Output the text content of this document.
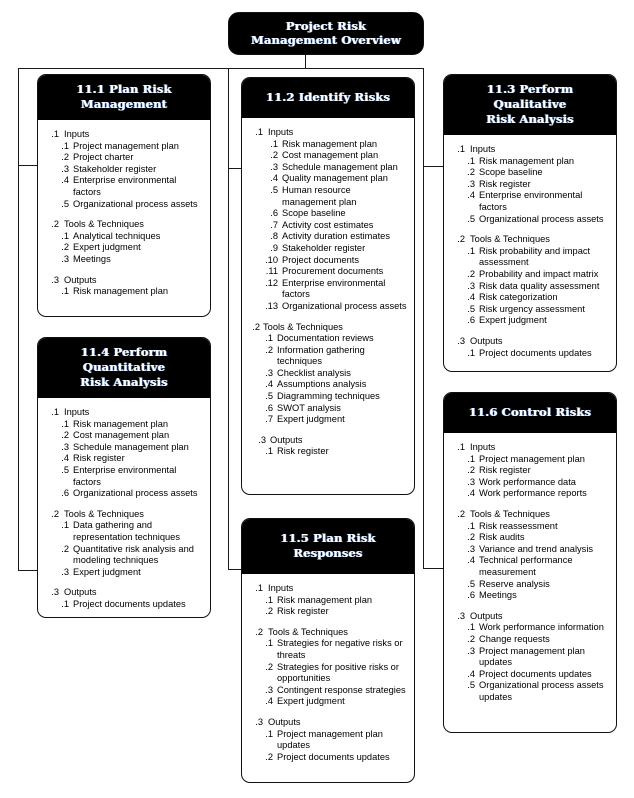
Project Risk
Management Overview
11.1 Plan Risk
Management
.1 Inputs
.1 Project management plan
.2 Project charter
.3 Stakeholder register
.4 Enterprise environmental factors
.5 Organizational process assets
.2 Tools & Techniques
.1 Analytical techniques
.2 Expert judgment
.3 Meetings
.3 Outputs
.1 Risk management plan
11.2 Identify Risks
.1 Inputs
.1 Risk management plan
.2 Cost management plan
.3 Schedule management plan
.4 Quality management plan
.5 Human resource management plan
.6 Scope baseline
.7 Activity cost estimates
.8 Activity duration estimates
.9 Stakeholder register
.10 Project documents
.11 Procurement documents
.12 Enterprise environmental factors
.13 Organizational process assets
.2 Tools & Techniques
.1 Documentation reviews
.2 Information gathering techniques
.3 Checklist analysis
.4 Assumptions analysis
.5 Diagramming techniques
.6 SWOT analysis
.7 Expert judgment
.3 Outputs
.1 Risk register
11.3 Perform Qualitative
Risk Analysis
.1 Inputs
.1 Risk management plan
.2 Scope baseline
.3 Risk register
.4 Enterprise environmental factors
.5 Organizational process assets
.2 Tools & Techniques
.1 Risk probability and impact assessment
.2 Probability and impact matrix
.3 Risk data quality assessment
.4 Risk categorization
.5 Risk urgency assessment
.6 Expert judgment
.3 Outputs
.1 Project documents updates
11.4 Perform Quantitative
Risk Analysis
.1 Inputs
.1 Risk management plan
.2 Cost management plan
.3 Schedule management plan
.4 Risk register
.5 Enterprise environmental factors
.6 Organizational process assets
.2 Tools & Techniques
.1 Data gathering and representation techniques
.2 Quantitative risk analysis and modeling techniques
.3 Expert judgment
.3 Outputs
.1 Project documents updates
11.5 Plan Risk Responses
.1 Inputs
.1 Risk management plan
.2 Risk register
.2 Tools & Techniques
.1 Strategies for negative risks or threats
.2 Strategies for positive risks or opportunities
.3 Contingent response strategies
.4 Expert judgment
.3 Outputs
.1 Project management plan updates
.2 Project documents updates
11.6 Control Risks
.1 Inputs
.1 Project management plan
.2 Risk register
.3 Work performance data
.4 Work performance reports
.2 Tools & Techniques
.1 Risk reassessment
.2 Risk audits
.3 Variance and trend analysis
.4 Technical performance measurement
.5 Reserve analysis
.6 Meetings
.3 Outputs
.1 Work performance information
.2 Change requests
.3 Project management plan updates
.4 Project documents updates
.5 Organizational process assets updates
